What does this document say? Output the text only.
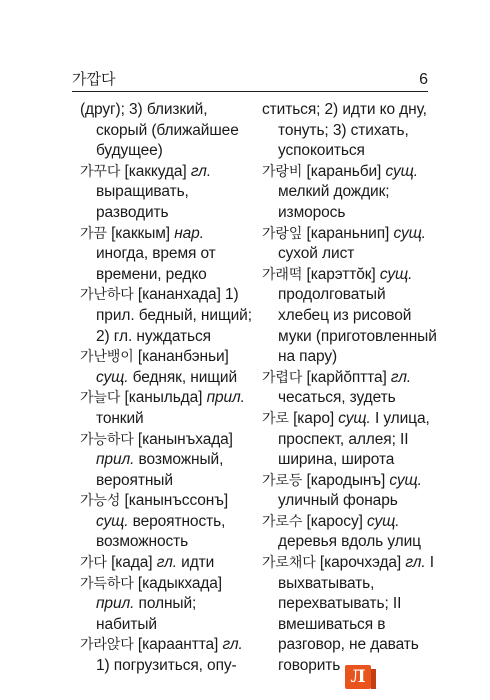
가깝다	6
(друг); 3) близкий, скорый (ближайшее будущее)
가꾸다 [каккуда] гл. выращивать, разводить
가끔 [каккым] нар. иногда, время от времени, редко
가난하다 [кананхада] 1) прил. бедный, нищий; 2) гл. нуждаться
가난뱅이 [кананбэньи] сущ. бедняк, нищий
가늘다 [каныльда] прил. тонкий
가능하다 [канынъхада] прил. возможный, вероятный
가능성 [канынъссонъ] сущ. вероятность, возможность
가다 [када] гл. идти
가득하다 [кадыкхада] прил. полный; набитый
가라앉다 [караантта] гл. 1) погрузиться, опу-
ститься; 2) идти ко дну, тонуть; 3) стихать, успокоиться
가랑비 [караньби] сущ. мелкий дождик; изморось
가랑잎 [караньнип] сущ. сухой лист
가래떡 [карэттŏк] сущ. продолговатый хлебец из рисовой муки (приготовленный на пару)
가렵다 [карйŏптта] гл. чесаться, зудеть
가로 [каро] сущ. I улица, проспект, аллея; II ширина, широта
가로등 [кародынъ] сущ. уличный фонарь
가로수 [каросу] сущ. деревья вдоль улиц
가로채다 [карочхэда] гл. I выхватывать, перехватывать; II вмешиваться в разговор, не давать говорить
Л
